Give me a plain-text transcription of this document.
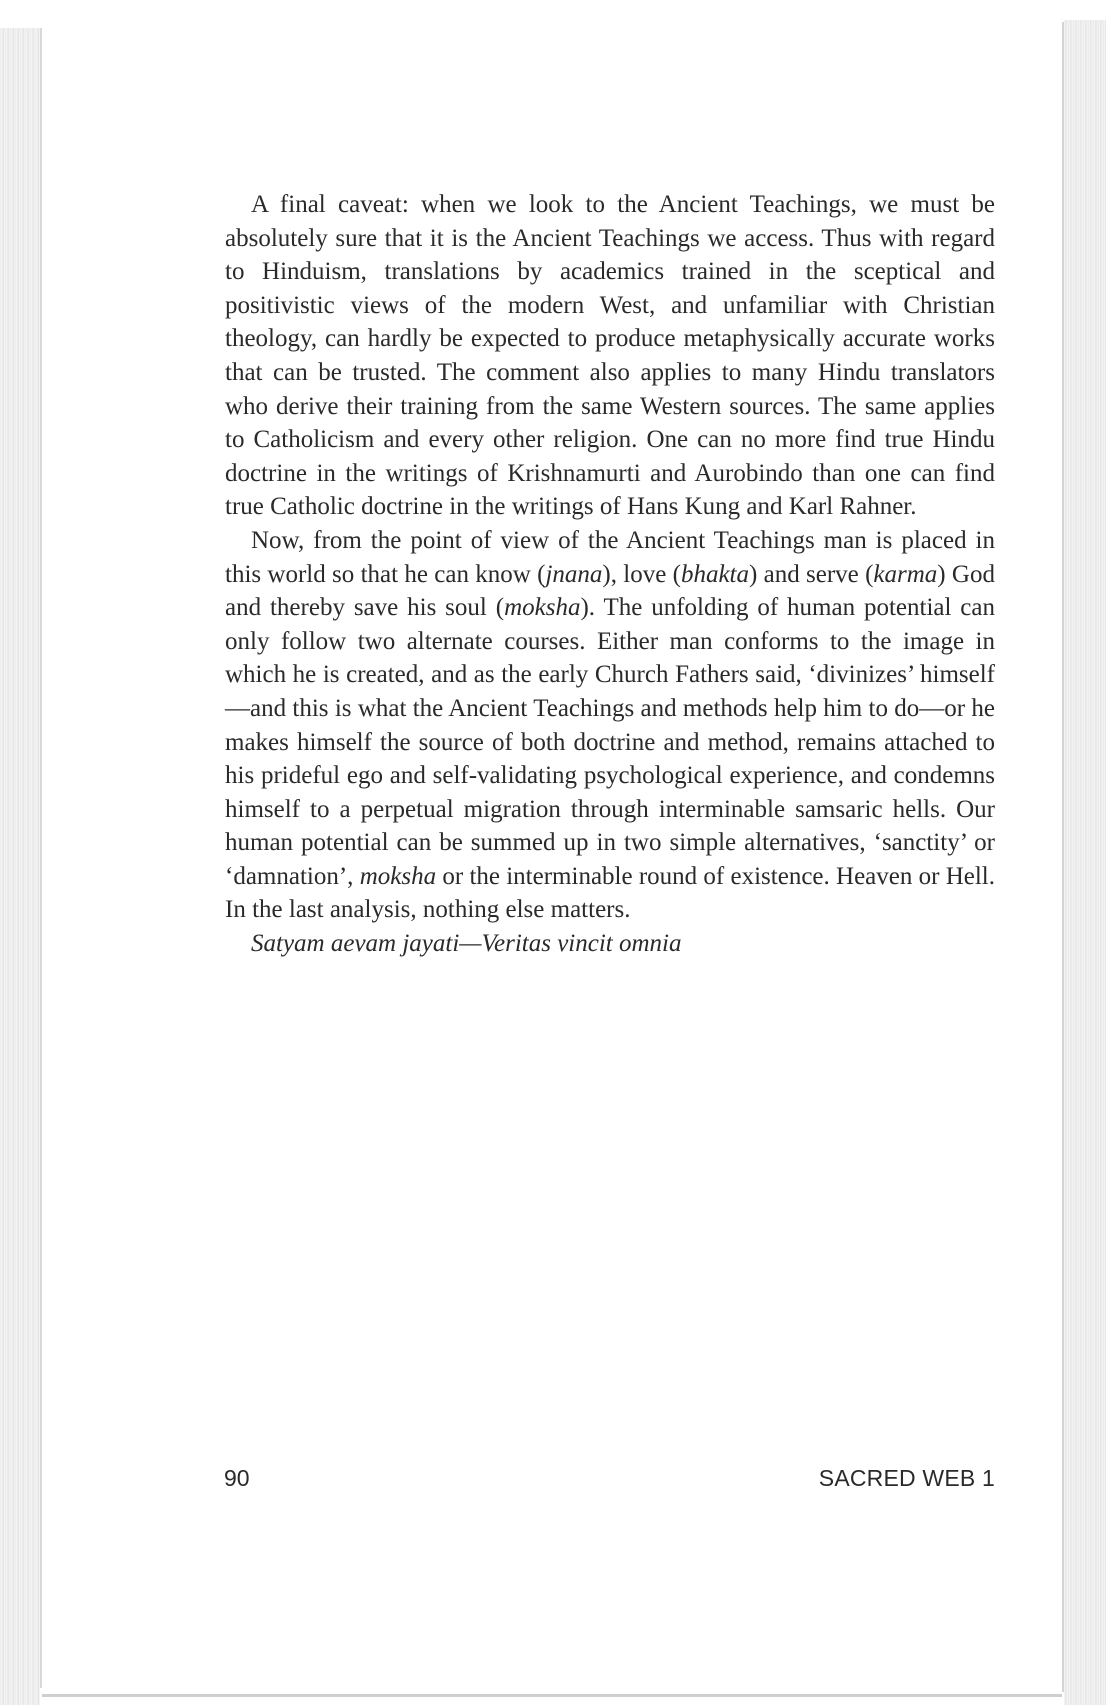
A final caveat: when we look to the Ancient Teachings, we must be absolutely sure that it is the Ancient Teachings we access. Thus with regard to Hinduism, translations by academics trained in the sceptical and positivistic views of the modern West, and unfamiliar with Christian theology, can hardly be expected to produce metaphysically accurate works that can be trusted. The comment also applies to many Hindu translators who derive their training from the same Western sources. The same applies to Catholicism and every other religion. One can no more find true Hindu doctrine in the writings of Krishnamurti and Aurobindo than one can find true Catholic doctrine in the writings of Hans Kung and Karl Rahner.

Now, from the point of view of the Ancient Teachings man is placed in this world so that he can know (jnana), love (bhakta) and serve (karma) God and thereby save his soul (moksha). The unfolding of human potential can only follow two alternate courses. Either man conforms to the image in which he is created, and as the early Church Fathers said, ‘divinizes’ himself—and this is what the Ancient Teachings and methods help him to do—or he makes himself the source of both doctrine and method, remains attached to his prideful ego and self-validating psychological experience, and condemns himself to a perpetual migration through interminable samsaric hells. Our human potential can be summed up in two simple alternatives, ‘sanctity’ or ‘damnation’, moksha or the interminable round of existence. Heaven or Hell. In the last analysis, nothing else matters.

Satyam aevam jayati—Veritas vincit omnia

90	SACRED WEB 1
